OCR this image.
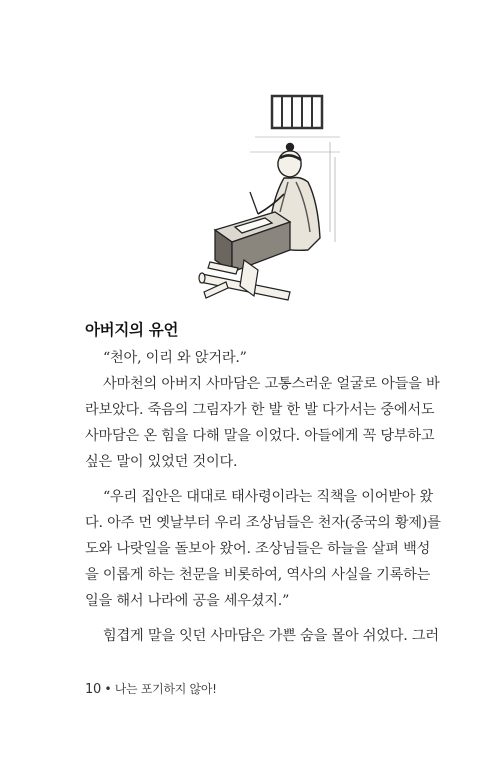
아버지의 유언
“천아, 이리 와 앉거라.”
사마천의 아버지 사마담은 고통스러운 얼굴로 아들을 바
라보았다. 죽음의 그림자가 한 발 한 발 다가서는 중에서도
사마담은 온 힘을 다해 말을 이었다. 아들에게 꼭 당부하고
싶은 말이 있었던 것이다.
“우리 집안은 대대로 태사령이라는 직책을 이어받아 왔
다. 아주 먼 옛날부터 우리 조상님들은 천자(중국의 황제)를
도와 나랏일을 돌보아 왔어. 조상님들은 하늘을 살펴 백성
을 이롭게 하는 천문을 비롯하여, 역사의 사실을 기록하는
일을 해서 나라에 공을 세우셨지.”
힘겹게 말을 잇던 사마담은 가쁜 숨을 몰아 쉬었다. 그러
10 • 나는 포기하지 않아!
